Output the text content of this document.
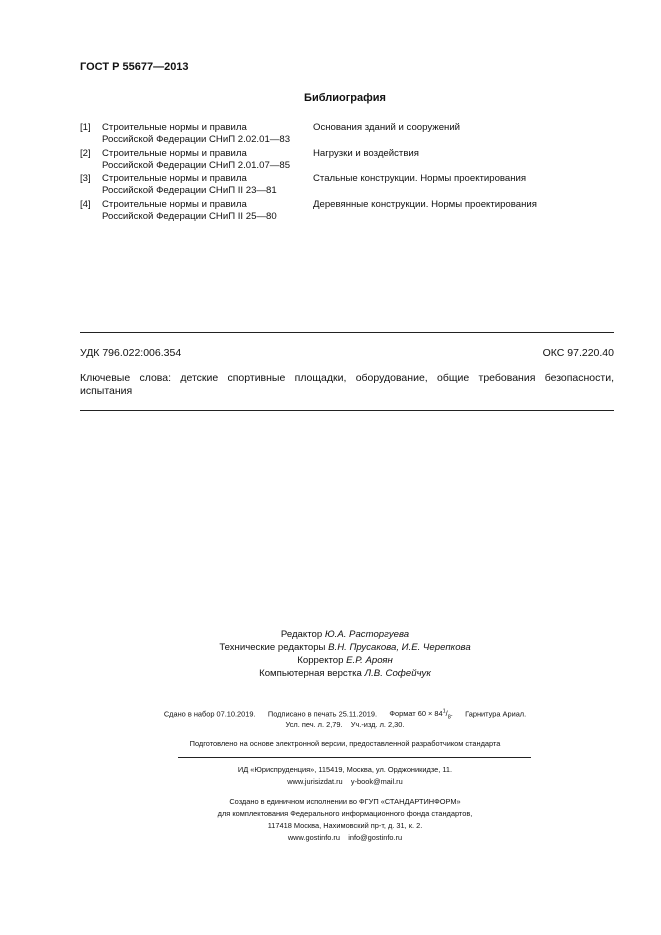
ГОСТ Р 55677—2013
Библиография
[1] Строительные нормы и правила
Российской Федерации СНиП 2.02.01—83
Основания зданий и сооружений
[2] Строительные нормы и правила
Российской Федерации СНиП 2.01.07—85
Нагрузки и воздействия
[3] Строительные нормы и правила
Российской Федерации СНиП II 23—81
Стальные конструкции. Нормы проектирования
[4] Строительные нормы и правила
Российской Федерации СНиП II 25—80
Деревянные конструкции. Нормы проектирования
УДК 796.022:006.354	ОКС 97.220.40
Ключевые слова: детские спортивные площадки, оборудование, общие требования безопасности, испытания
Редактор Ю.А. Расторгуева
Технические редакторы В.Н. Прусакова, И.Е. Черепкова
Корректор Е.Р. Ароян
Компьютерная верстка Л.В. Софейчук
Сдано в набор 07.10.2019. Подписано в печать 25.11.2019. Формат $60 \times 84^1/_8$. Гарнитура Ариал.
Усл. печ. л. 2,79. Уч.-изд. л. 2,30.
Подготовлено на основе электронной версии, предоставленной разработчиком стандарта
ИД «Юриспруденция», 115419, Москва, ул. Орджоникидзе, 11.
www.jurisizdat.ru y-book@mail.ru
Создано в единичном исполнении во ФГУП «СТАНДАРТИНФОРМ»
для комплектования Федерального информационного фонда стандартов,
117418 Москва, Нахимовский пр-т, д. 31, к. 2.
www.gostinfo.ru info@gostinfo.ru
